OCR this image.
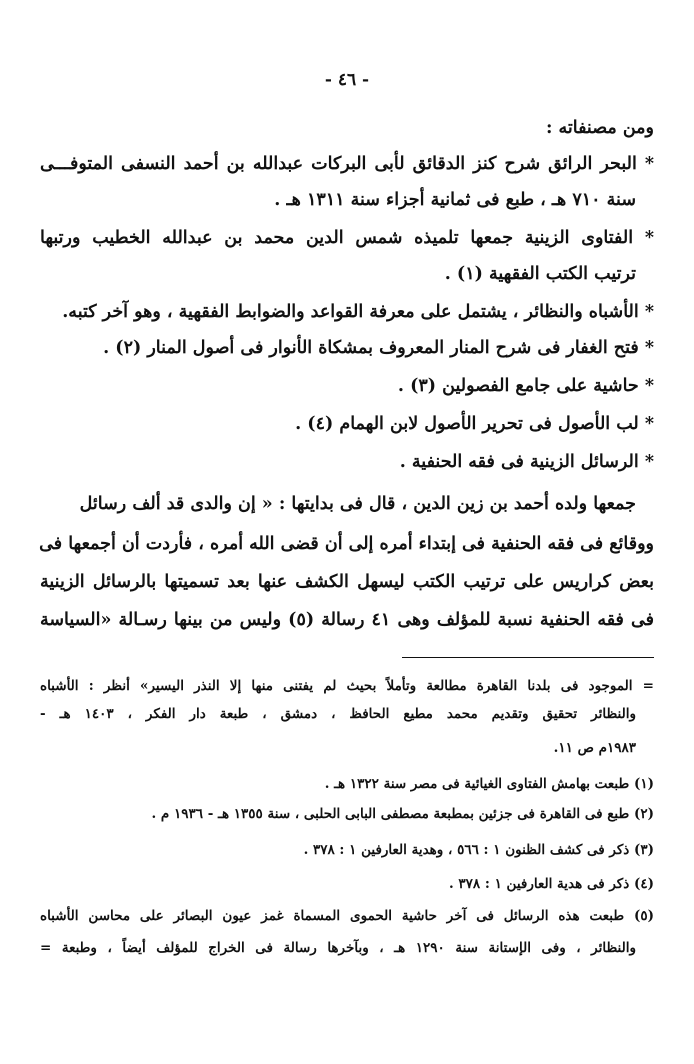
- ٤٦ -
ومن مصنفاته :
* البحر الرائق شرح كنز الدقائق لأبى البركات عبدالله بن أحمد النسفى المتوفـــى
سنة ٧١٠ هـ ، طبع فى ثمانية أجزاء سنة ١٣١١ هـ .
* الفتاوى الزينية جمعها تلميذه شمس الدين محمد بن عبدالله الخطيب ورتبها
ترتيب الكتب الفقهية (١) .
* الأشباه والنظائر ، يشتمل على معرفة القواعد والضوابط الفقهية ، وهو آخر كتبه.
* فتح الغفار فى شرح المنار المعروف بمشكاة الأنوار فى أصول المنار (٢) .
* حاشية على جامع الفصولين (٣) .
* لب الأصول فى تحرير الأصول لابن الهمام (٤) .
* الرسائل الزينية فى فقه الحنفية .
جمعها ولده أحمد بن زين الدين ، قال فى بدايتها : « إن والدى قد ألف رسائل
ووقائع فى فقه الحنفية فى إبتداء أمره إلى أن قضى الله أمره ، فأردت أن أجمعها فى
بعض كراريس على ترتيب الكتب ليسهل الكشف عنها بعد تسميتها بالرسائل الزينية
فى فقه الحنفية نسبة للمؤلف وهى ٤١ رسالة (٥) وليس من بينها رسـالة «السياسة
= الموجود فى بلدنا القاهرة مطالعة وتأملاً بحيث لم يفتنى منها إلا النذر اليسير» أنظر : الأشباه
والنظائر تحقيق وتقديم محمد مطيع الحافظ ، دمشق ، طبعة دار الفكر ، ١٤٠٣ هـ -
١٩٨٣م ص ١١.
(١) طبعت بهامش الفتاوى الغيائية فى مصر سنة ١٣٢٢ هـ .
(٢) طبع فى القاهرة فى جزئين بمطبعة مصطفى البابى الحلبى ، سنة ١٣٥٥ هـ - ١٩٣٦ م .
(٣) ذكر فى كشف الظنون ١ : ٥٦٦ ، وهدية العارفين ١ : ٣٧٨ .
(٤) ذكر فى هدية العارفين ١ : ٣٧٨ .
(٥) طبعت هذه الرسائل فى آخر حاشية الحموى المسماة غمز عيون البصائر على محاسن الأشباه
والنظائر ، وفى الإستانة سنة ١٢٩٠ هـ ، وبآخرها رسالة فى الخراج للمؤلف أيضاً ، وطبعة =
